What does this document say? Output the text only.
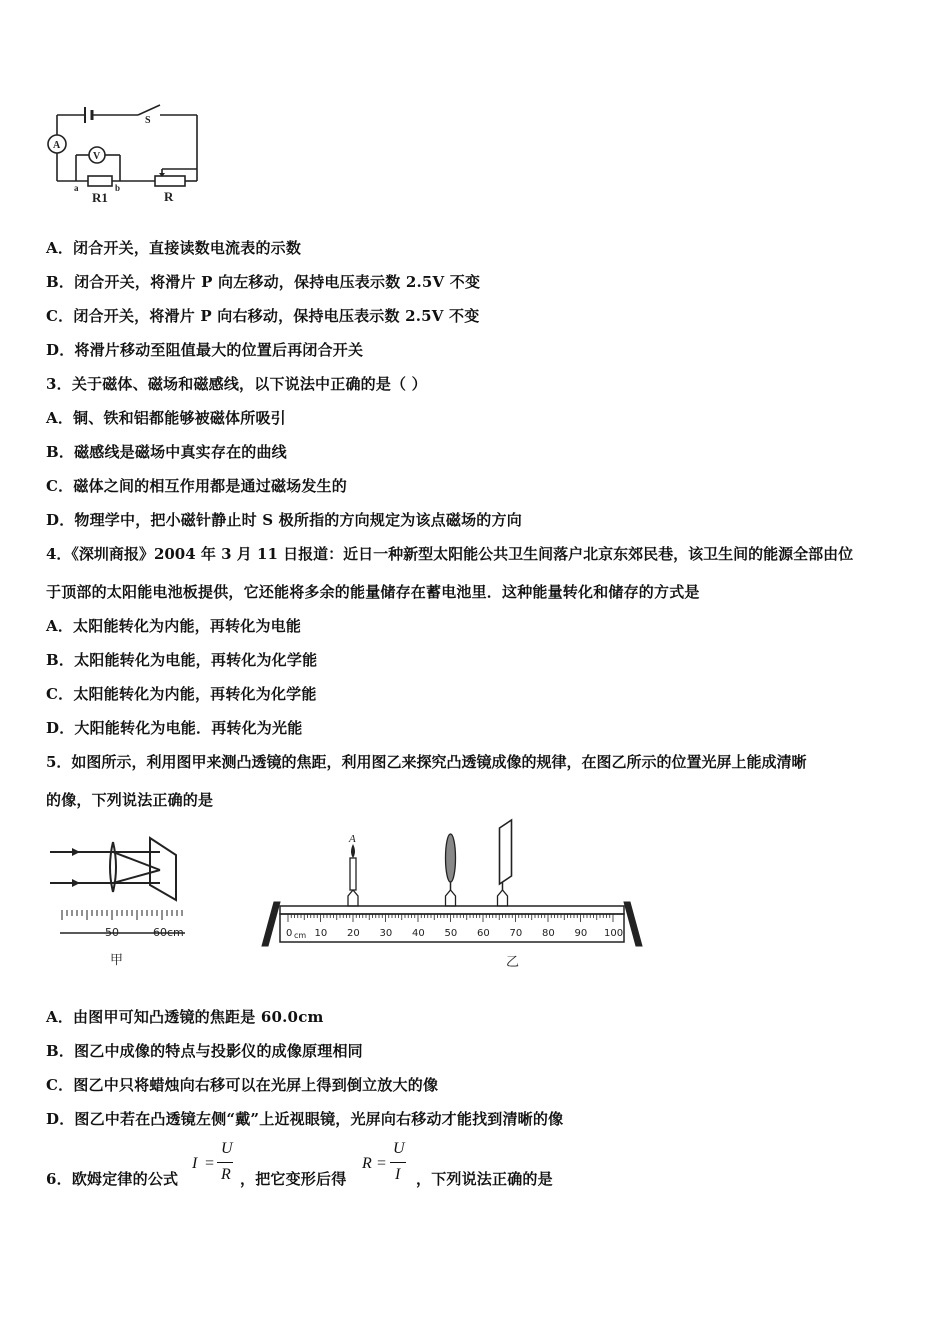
A
V
S
a	b
R1	R
A．闭合开关，直接读数电流表的示数
B．闭合开关，将滑片 P 向左移动，保持电压表示数 2.5V 不变
C．闭合开关，将滑片 P 向右移动，保持电压表示数 2.5V 不变
D．将滑片移动至阻值最大的位置后再闭合开关
3．关于磁体、磁场和磁感线，以下说法中正确的是（ ）
A．铜、铁和铝都能够被磁体所吸引
B．磁感线是磁场中真实存在的曲线
C．磁体之间的相互作用都是通过磁场发生的
D．物理学中，把小磁针静止时 S 极所指的方向规定为该点磁场的方向
4．《深圳商报》2004 年 3 月 11 日报道：近日一种新型太阳能公共卫生间落户北京东郊民巷，该卫生间的能源全部由位
于顶部的太阳能电池板提供，它还能将多余的能量储存在蓄电池里．这种能量转化和储存的方式是
A．太阳能转化为内能，再转化为电能
B．太阳能转化为电能，再转化为化学能
C．太阳能转化为内能，再转化为化学能
D．大阳能转化为电能．再转化为光能
5．如图所示，利用图甲来测凸透镜的焦距，利用图乙来探究凸透镜成像的规律，在图乙所示的位置光屏上能成清晰
的像，下列说法正确的是
50	60cm
甲
0 10 20 30 40 50 60 70 80 90 100
cm
A
乙
A．由图甲可知凸透镜的焦距是 60.0cm
B．图乙中成像的特点与投影仪的成像原理相同
C．图乙中只将蜡烛向右移可以在光屏上得到倒立放大的像
D．图乙中若在凸透镜左侧“戴”上近视眼镜，光屏向右移动才能找到清晰的像
6．欧姆定律的公式
I =
U
R ，把它变形后得
R =
U
I ，下列说法正确的是
